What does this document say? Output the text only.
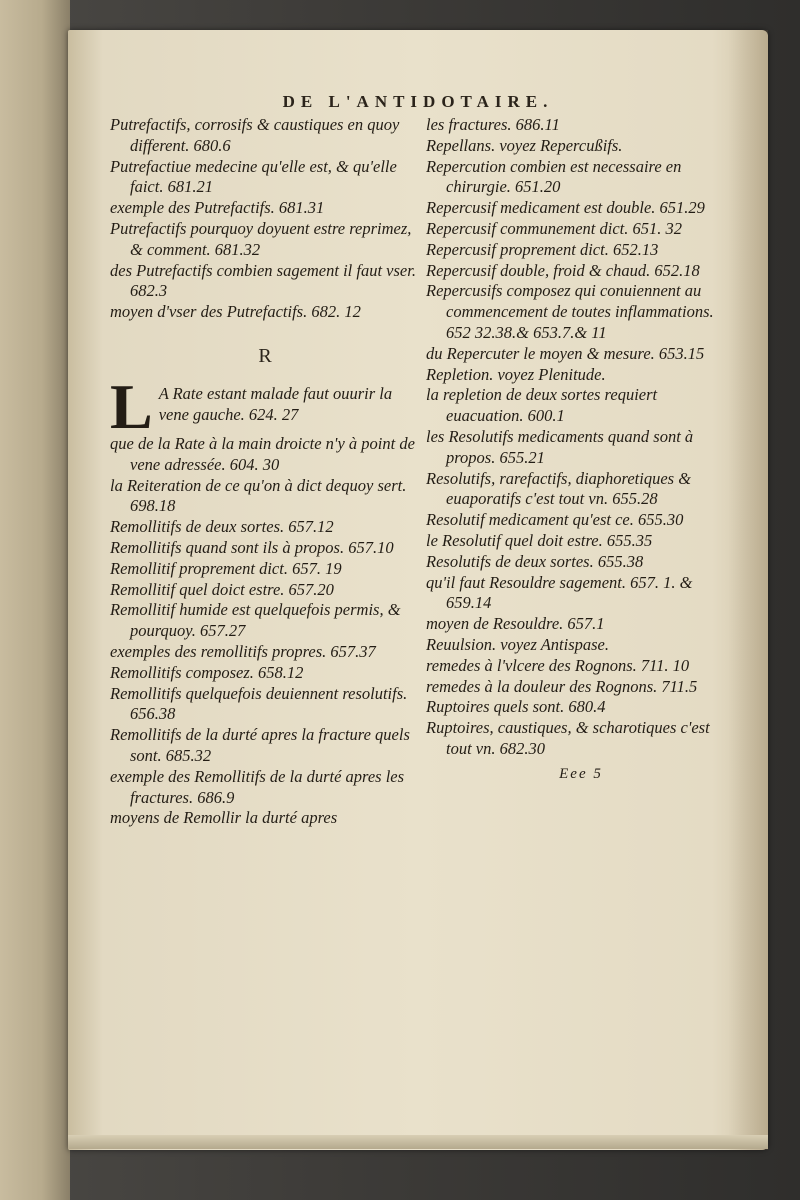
DE L'ANTIDOTAIRE.
Putrefactifs, corrosifs & caustiques en quoy different. 680.6
Putrefactiue medecine qu'elle est, & qu'elle faict. 681.21
exemple des Putrefactifs. 681.31
Putrefactifs pourquoy doyuent estre reprimez, & comment. 681.32
des Putrefactifs combien sagement il faut vser. 682.3
moyen d'vser des Putrefactifs. 682. 12
R
L A Rate estant malade faut ouurir la vene gauche. 624. 27
que de la Rate à la main droicte n'y à point de vene adressée. 604. 30
la Reiteration de ce qu'on à dict dequoy sert. 698.18
Remollitifs de deux sortes. 657.12
Remollitifs quand sont ils à propos. 657.10
Remollitif proprement dict. 657. 19
Remollitif quel doict estre. 657.20
Remollitif humide est quelquefois permis, & pourquoy. 657.27
exemples des remollitifs propres. 657.37
Remollitifs composez. 658.12
Remollitifs quelquefois deuiennent resolutifs. 656.38
Remollitifs de la durté apres la fracture quels sont. 685.32
exemple des Remollitifs de la durté apres les fractures. 686.9
moyens de Remollir la durté apres
les fractures. 686.11
Repellans. voyez Repercußifs.
Repercution combien est necessaire en chirurgie. 651.20
Repercusif medicament est double. 651.29
Repercusif communement dict. 651. 32
Repercusif proprement dict. 652.13
Repercusif double, froid & chaud. 652.18
Repercusifs composez qui conuiennent au commencement de toutes inflammations. 652 32.38.& 653.7.& 11
du Repercuter le moyen & mesure. 653.15
Repletion. voyez Plenitude.
la repletion de deux sortes requiert euacuation. 600.1
les Resolutifs medicaments quand sont à propos. 655.21
Resolutifs, rarefactifs, diaphoretiques & euaporatifs c'est tout vn. 655.28
Resolutif medicament qu'est ce. 655.30
le Resolutif quel doit estre. 655.35
Resolutifs de deux sortes. 655.38
qu'il faut Resouldre sagement. 657. 1. & 659.14
moyen de Resouldre. 657.1
Reuulsion. voyez Antispase.
remedes à l'vlcere des Rognons. 711. 10
remedes à la douleur des Rognons. 711.5
Ruptoires quels sont. 680.4
Ruptoires, caustiques, & scharotiques c'est tout vn. 682.30
Eee 5
